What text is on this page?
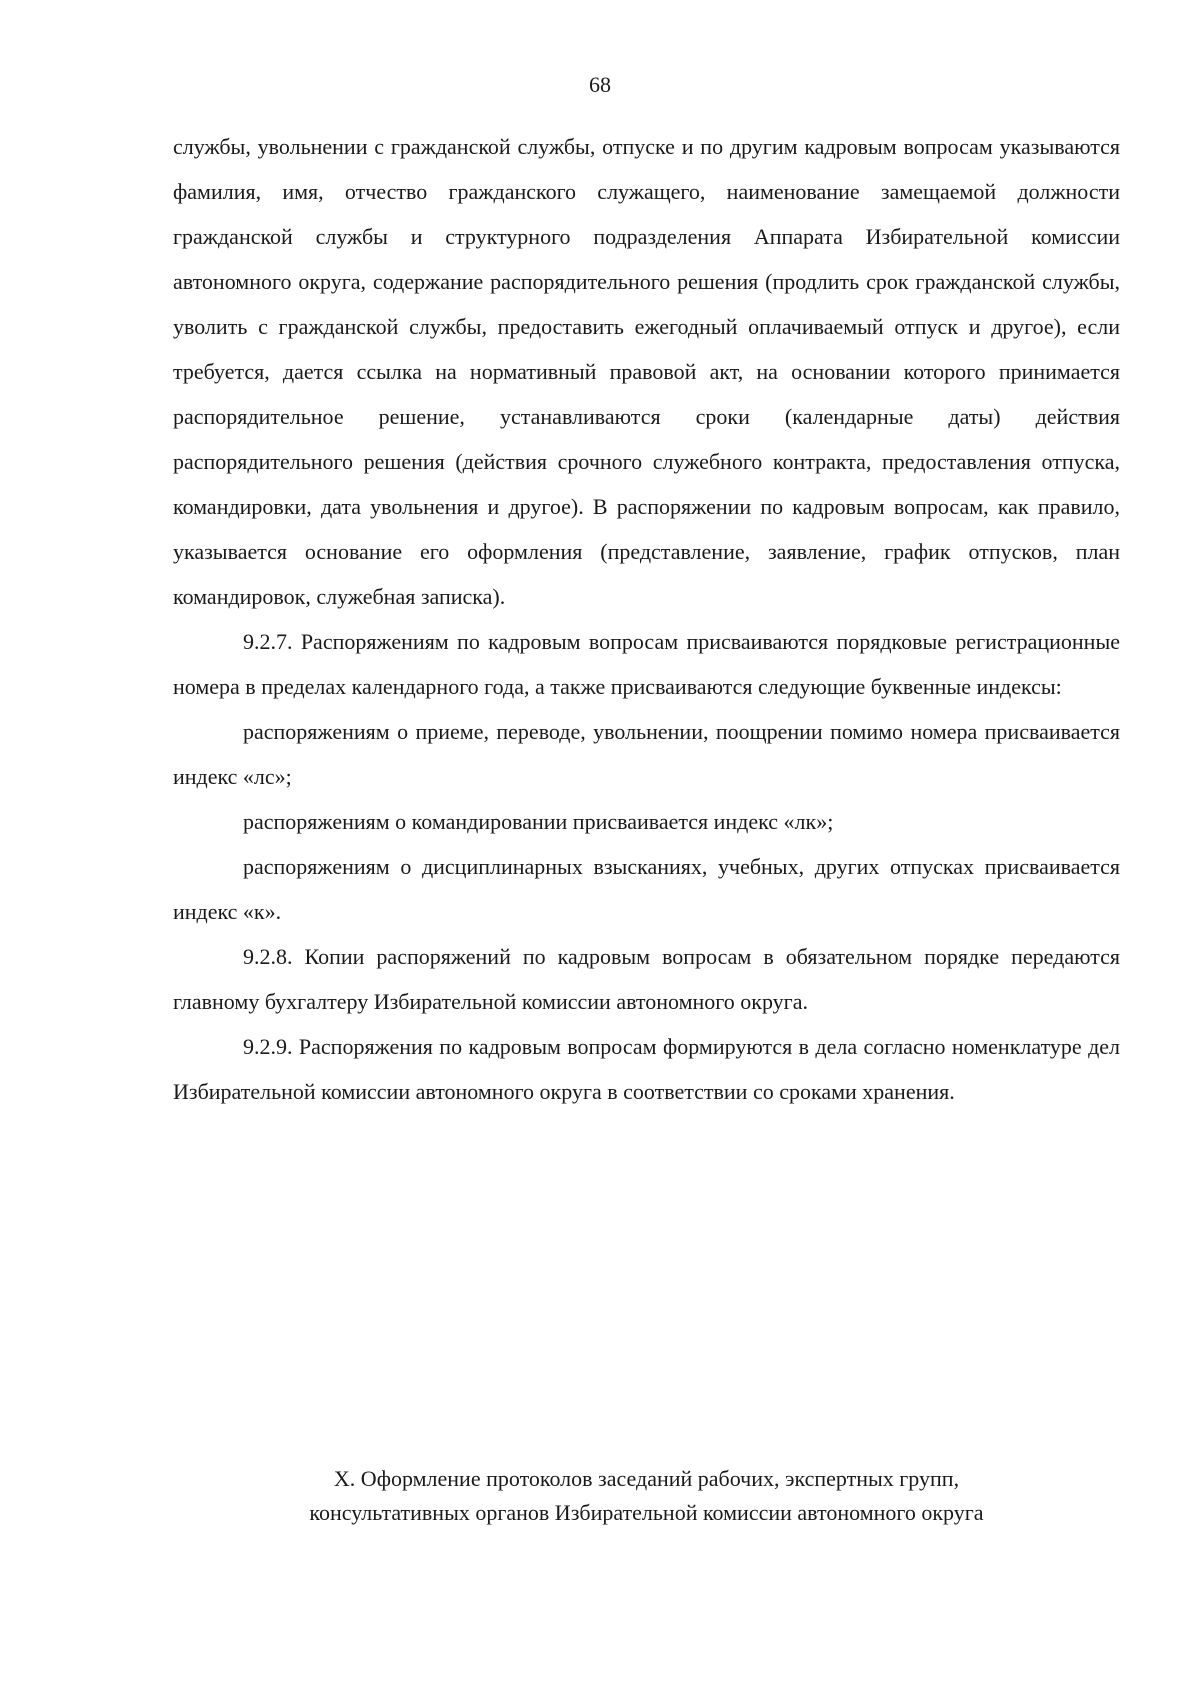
68

службы, увольнении с гражданской службы, отпуске и по другим кадровым вопросам указываются фамилия, имя, отчество гражданского служащего, наименование замещаемой должности гражданской службы и структурного подразделения Аппарата Избирательной комиссии автономного округа, содержание распорядительного решения (продлить срок гражданской службы, уволить с гражданской службы, предоставить ежегодный оплачиваемый отпуск и другое), если требуется, дается ссылка на нормативный правовой акт, на основании которого принимается распорядительное решение, устанавливаются сроки (календарные даты) действия распорядительного решения (действия срочного служебного контракта, предоставления отпуска, командировки, дата увольнения и другое). В распоряжении по кадровым вопросам, как правило, указывается основание его оформления (представление, заявление, график отпусков, план командировок, служебная записка).

9.2.7. Распоряжениям по кадровым вопросам присваиваются порядковые регистрационные номера в пределах календарного года, а также присваиваются следующие буквенные индексы:

распоряжениям о приеме, переводе, увольнении, поощрении помимо номера присваивается индекс «лс»;

распоряжениям о командировании присваивается индекс «лк»;

распоряжениям о дисциплинарных взысканиях, учебных, других отпусках присваивается индекс «к».

9.2.8. Копии распоряжений по кадровым вопросам в обязательном порядке передаются главному бухгалтеру Избирательной комиссии автономного округа.

9.2.9. Распоряжения по кадровым вопросам формируются в дела согласно номенклатуре дел Избирательной комиссии автономного округа в соответствии со сроками хранения.

X. Оформление протоколов заседаний рабочих, экспертных групп,
консультативных органов Избирательной комиссии автономного округа
